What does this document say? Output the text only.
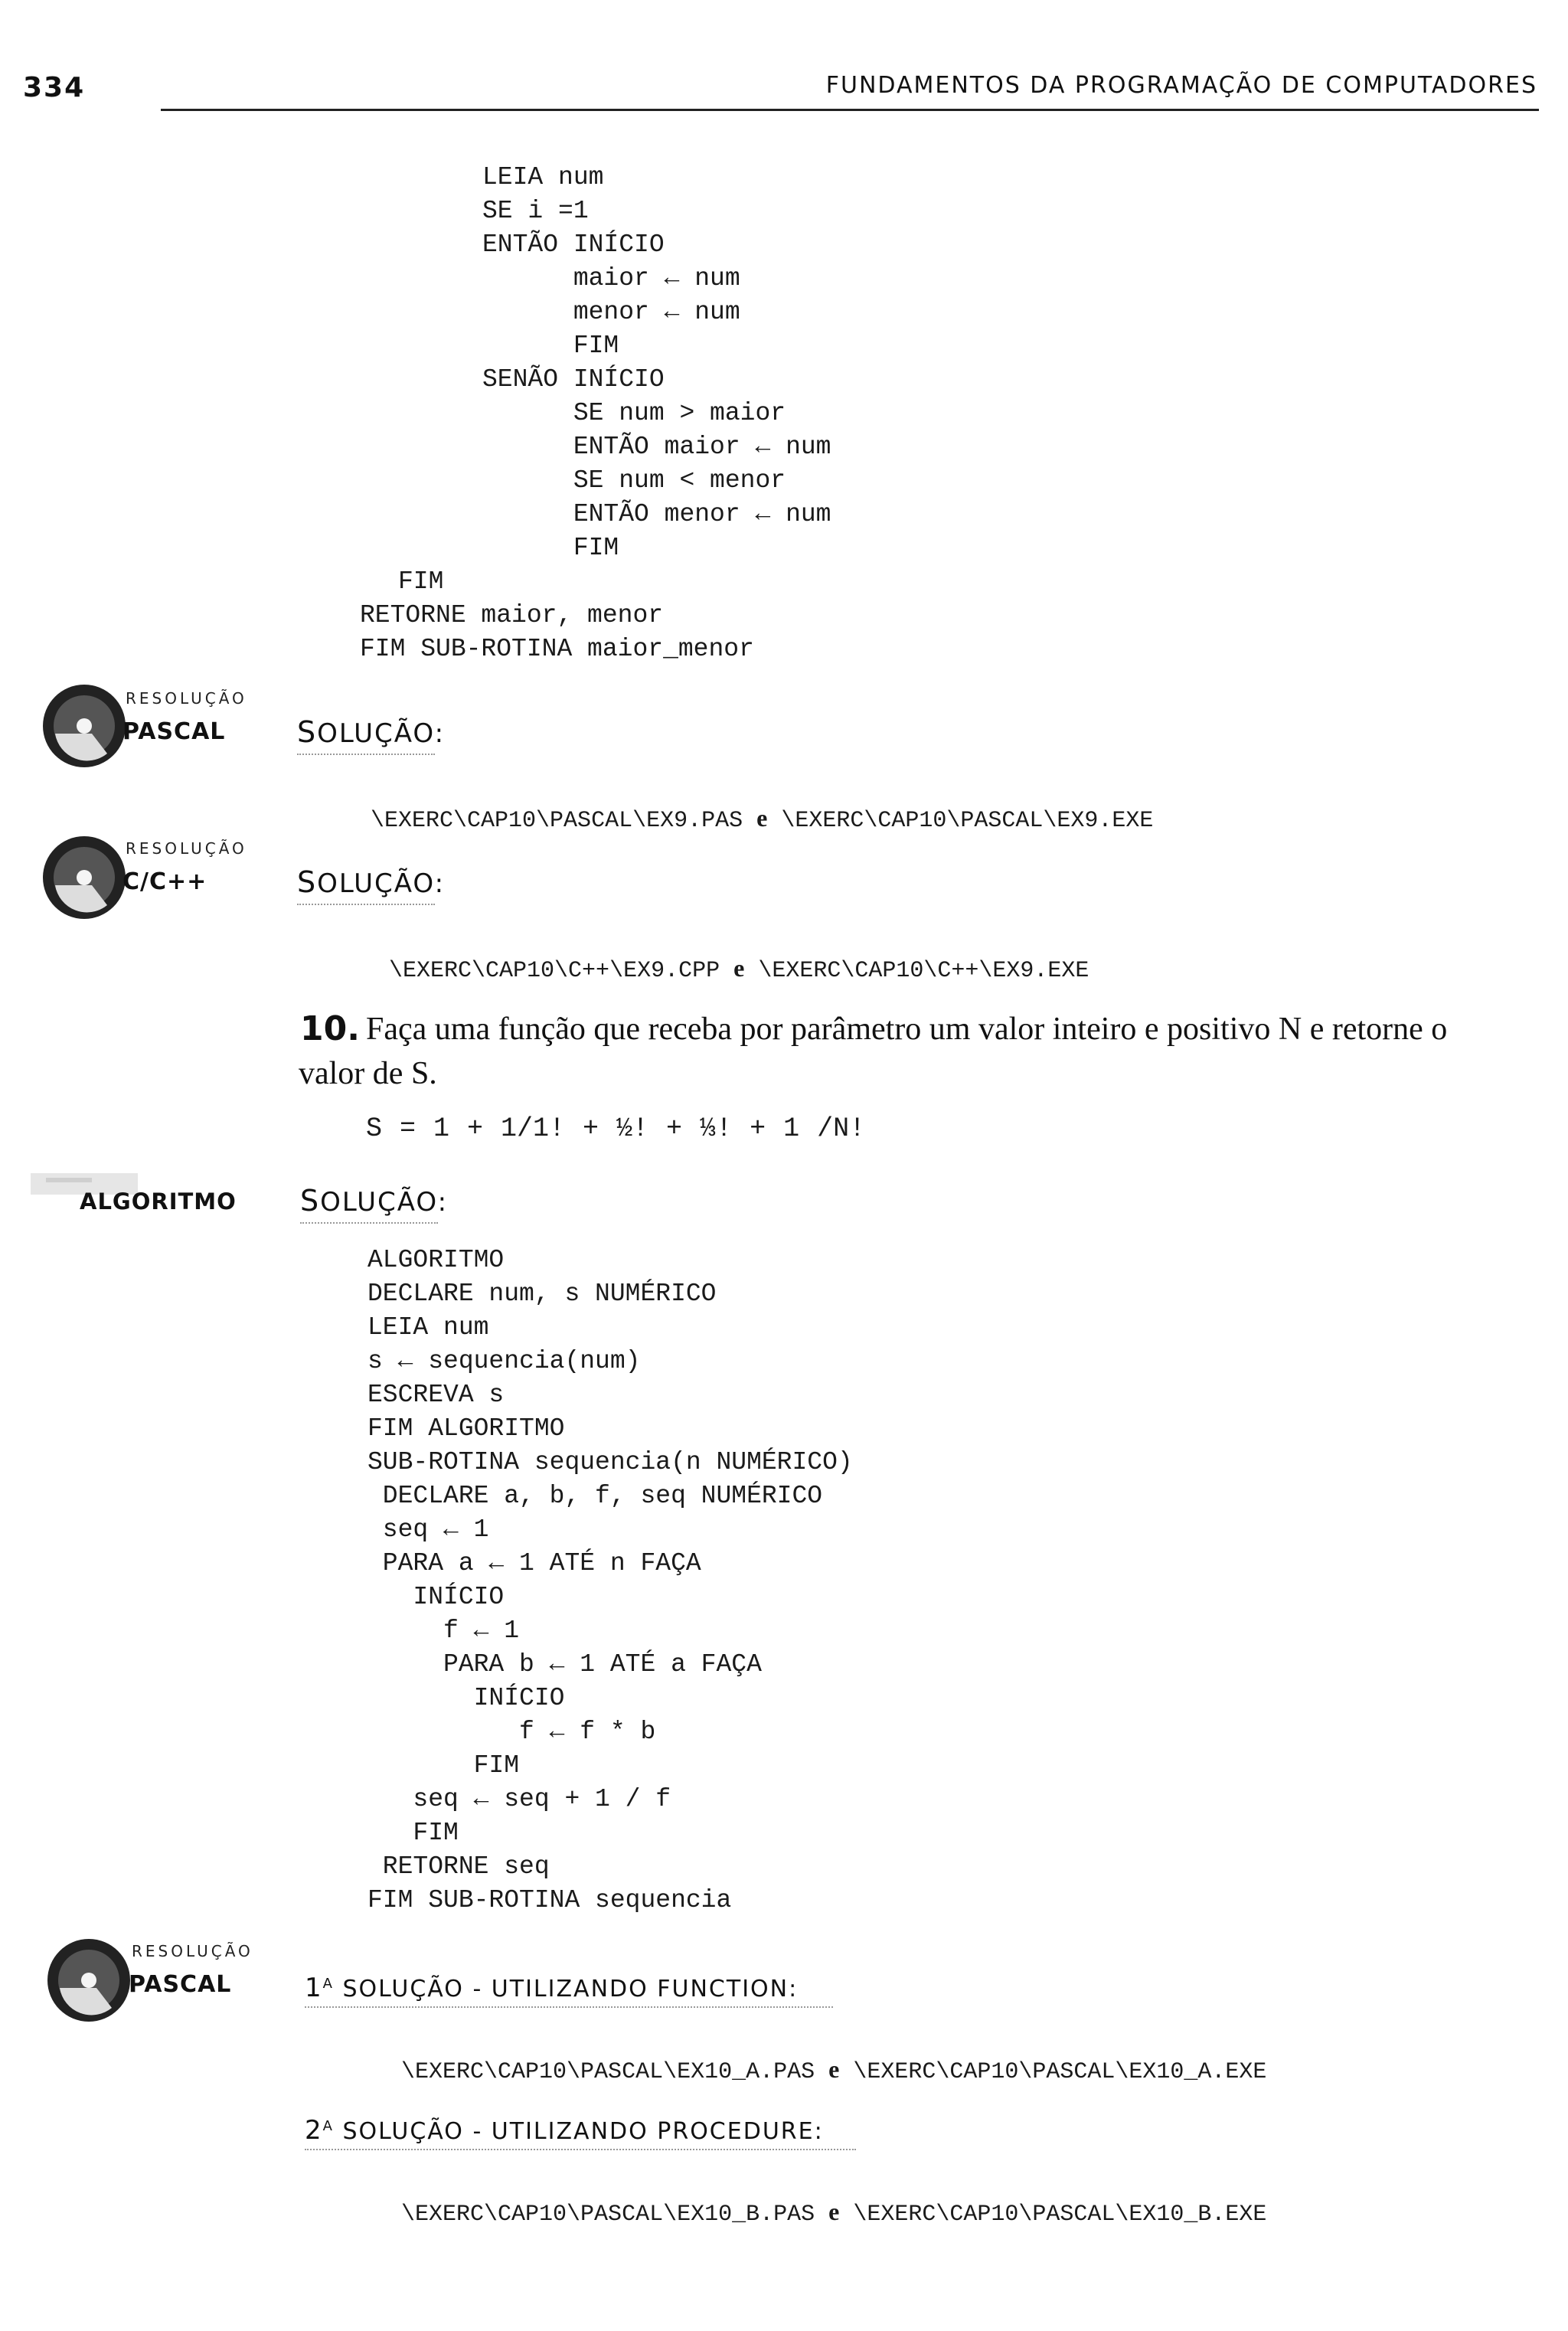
334	FUNDAMENTOS DA PROGRAMAÇÃO DE COMPUTADORES

LEIA num

SE i =1

ENTÃO INÍCIO

maior ← num

menor ← num

FIM

SENÃO INÍCIO

SE num > maior

ENTÃO maior ← num

SE num < menor

ENTÃO menor ← num

FIM

FIM

RETORNE maior, menor

FIM SUB-ROTINA maior_menor

RESOLUÇÃO
PASCAL SOLUÇÃO:

\EXERC\CAP10\PASCAL\EX9.PAS e \EXERC\CAP10\PASCAL\EX9.EXE

RESOLUÇÃO
C/C++	SOLUÇÃO:

\EXERC\CAP10\C++\EX9.CPP e \EXERC\CAP10\C++\EX9.EXE

10. Faça uma função que receba por parâmetro um valor inteiro e positivo N e retorne o
valor de S.
S = 1 + 1/1! + ½! + ⅓! + 1 /N!
ALGORITMO SOLUÇÃO:

ALGORITMO

DECLARE num, s NUMÉRICO

LEIA num

s ← sequencia(num)

ESCREVA s

FIM ALGORITMO

SUB-ROTINA sequencia(n NUMÉRICO)

DECLARE a, b, f, seq NUMÉRICO

seq ← 1

PARA a ← 1 ATÉ n FAÇA

INÍCIO

f ← 1

PARA b ← 1 ATÉ a FAÇA

INÍCIO

f ← f * b

FIM

seq ← seq + 1 / f

FIM

RETORNE seq

FIM SUB-ROTINA sequencia

RESOLUÇÃO
PASCAL	$1^A$ SOLUÇÃO - UTILIZANDO FUNCTION:

\EXERC\CAP10\PASCAL\EX10_A.PAS e \EXERC\CAP10\PASCAL\EX10_A.EXE

$2^A$ SOLUÇÃO - UTILIZANDO PROCEDURE:

\EXERC\CAP10\PASCAL\EX10_B.PAS e \EXERC\CAP10\PASCAL\EX10_B.EXE
